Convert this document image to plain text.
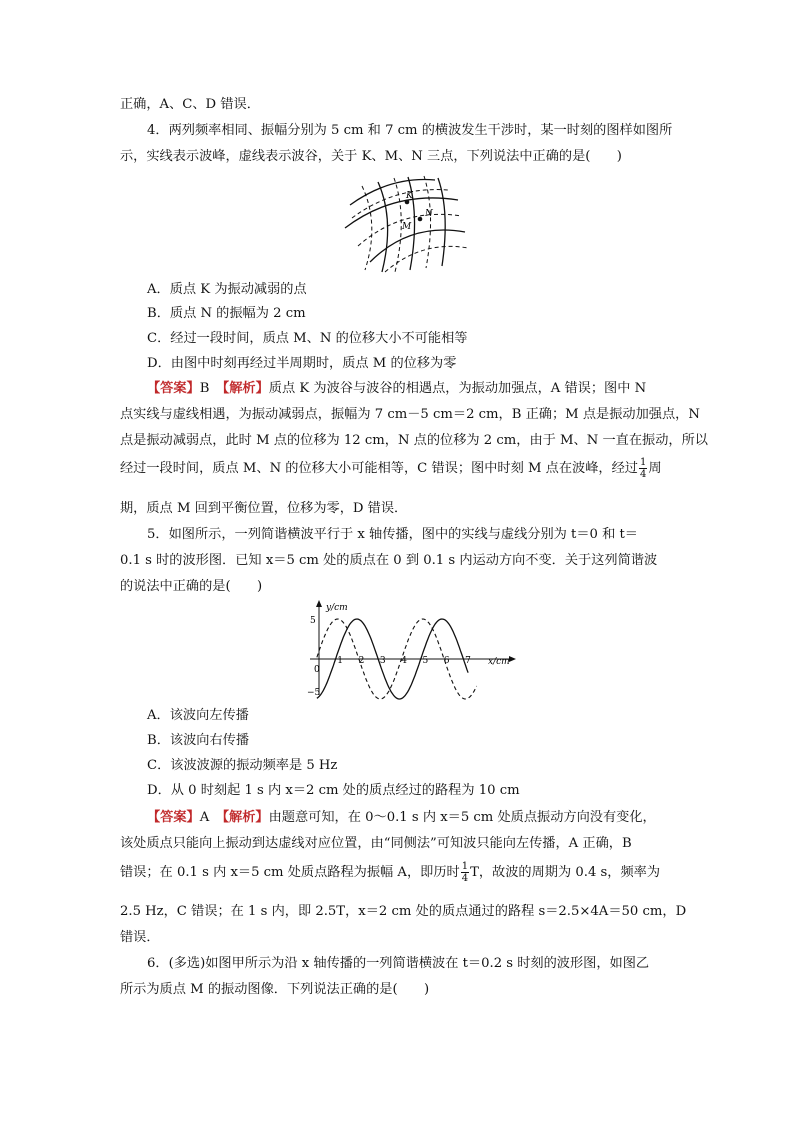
正确，A、C、D 错误．
4．两列频率相同、振幅分别为 5 cm 和 7 cm 的横波发生干涉时，某一时刻的图样如图所
示，实线表示波峰，虚线表示波谷，关于 K、M、N 三点，下列说法中正确的是(　　)
K
N
M
A．质点 K 为振动减弱的点
B．质点 N 的振幅为 2 cm
C．经过一段时间，质点 M、N 的位移大小不可能相等
D．由图中时刻再经过半周期时，质点 M 的位移为零
【答案】B　 【解析】质点 K 为波谷与波谷的相遇点，为振动加强点，A 错误；图中 N
点实线与虚线相遇，为振动减弱点，振幅为 7 cm－5 cm＝2 cm，B 正确；M 点是振动加强点，N
点是振动减弱点，此时 M 点的位移为 12 cm，N 点的位移为 2 cm，由于 M、N 一直在振动，所以
经过一段时间，质点 M、N 的位移大小可能相等，C 错误；图中时刻 M 点在波峰，经过 $\frac{1}{4}$ 周
期，质点 M 回到平衡位置，位移为零，D 错误．
5．如图所示，一列简谐横波平行于 x 轴传播，图中的实线与虚线分别为 t＝0 和 t＝
0.1 s 时的波形图．已知 x＝5 cm 处的质点在 0 到 0.1 s 内运动方向不变．关于这列简谐波
的说法中正确的是(　　)
y/cm
x/cm
5
−5
0
1 2 3 4 5 6 7
A．该波向左传播
B．该波向右传播
C．该波波源的振动频率是 5 Hz
D．从 0 时刻起 1 s 内 x＝2 cm 处的质点经过的路程为 10 cm
【答案】A　 【解析】由题意可知，在 0～0.1 s 内 x＝5 cm 处质点振动方向没有变化，
该处质点只能向上振动到达虚线对应位置，由“同侧法”可知波只能向左传播，A 正确，B
错误；在 0.1 s 内 x＝5 cm 处质点路程为振幅 A，即历时 $\frac{1}{4}$ T，故波的周期为 0.4 s，频率为
2.5 Hz，C 错误；在 1 s 内，即 2.5T，x＝2 cm 处的质点通过的路程 s＝2.5×4A＝50 cm，D
错误．
6．(多选)如图甲所示为沿 x 轴传播的一列简谐横波在 t＝0.2 s 时刻的波形图，如图乙
所示为质点 M 的振动图像．下列说法正确的是(　　)
